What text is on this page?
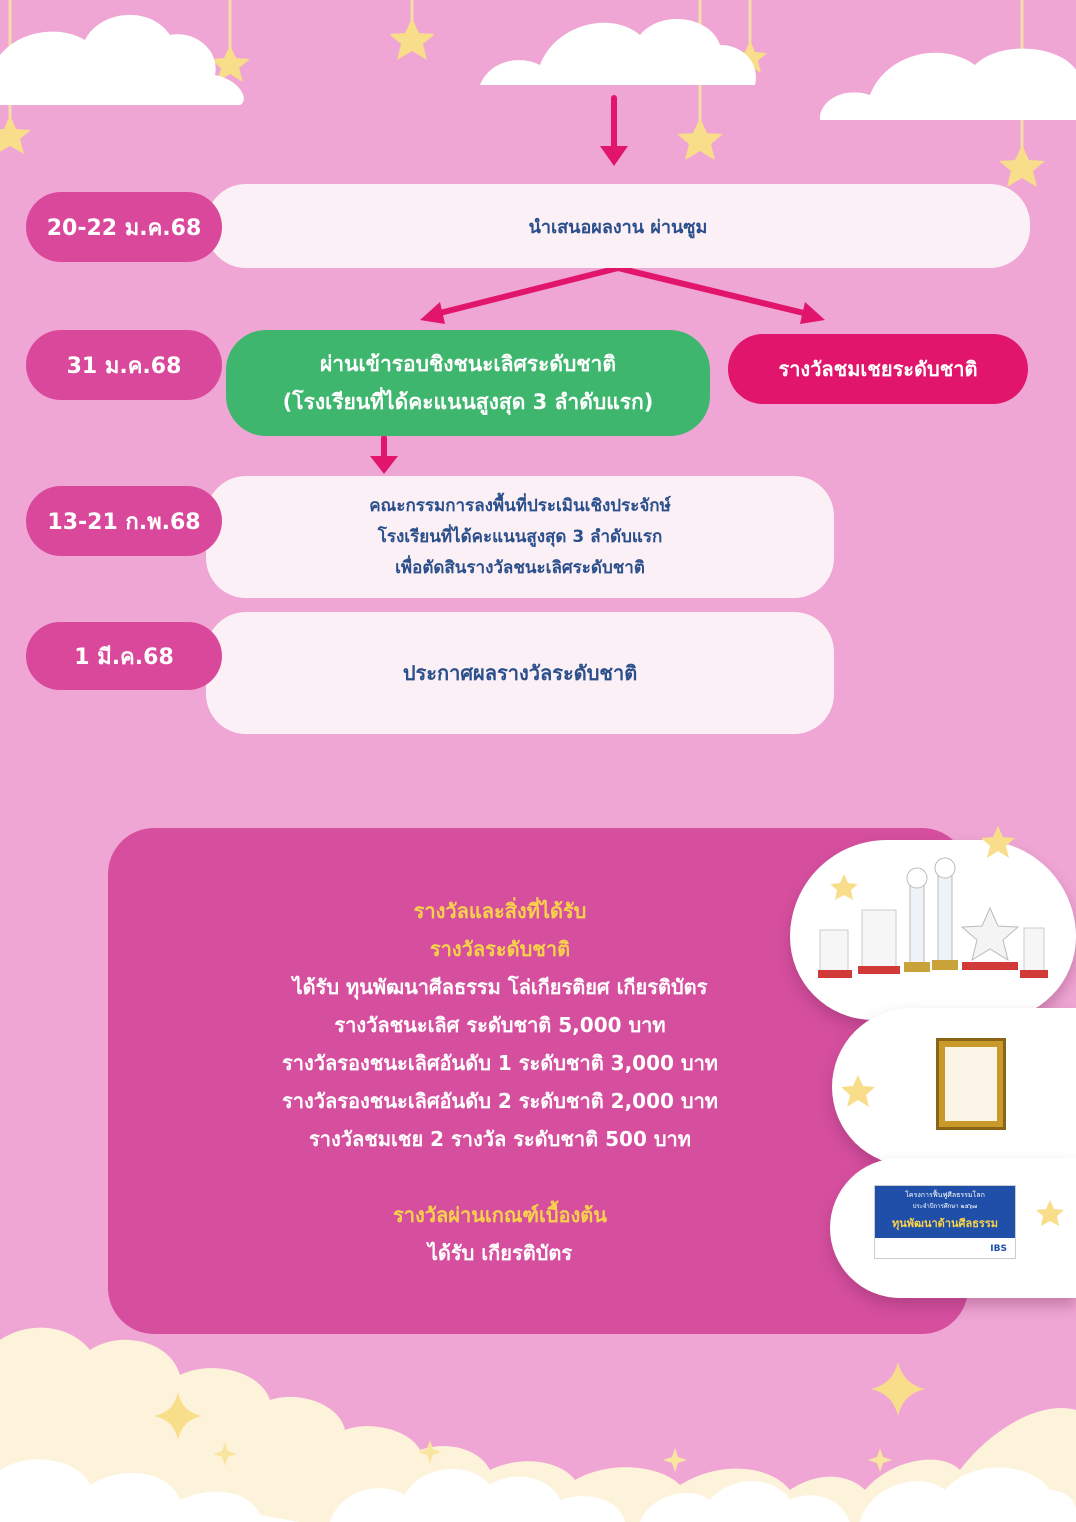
นำเสนอผลงาน ผ่านซูม
20-22 ม.ค.68
31 ม.ค.68	ผ่านเข้ารอบชิงชนะเลิศระดับชาติ
(โรงเรียนที่ได้คะแนนสูงสุด 3 ลำดับแรก)
รางวัลชมเชยระดับชาติ
คณะกรรมการลงพื้นที่ประเมินเชิงประจักษ์
โรงเรียนที่ได้คะแนนสูงสุด 3 ลำดับแรก
เพื่อตัดสินรางวัลชนะเลิศระดับชาติ
13-21 ก.พ.68
ประกาศผลรางวัลระดับชาติ
1 มี.ค.68
รางวัลและสิ่งที่ได้รับ
รางวัลระดับชาติ
ได้รับ ทุนพัฒนาศีลธรรม โล่เกียรติยศ เกียรติบัตร
รางวัลชนะเลิศ ระดับชาติ 5,000 บาท
รางวัลรองชนะเลิศอันดับ 1 ระดับชาติ 3,000 บาท
รางวัลรองชนะเลิศอันดับ 2 ระดับชาติ 2,000 บาท
รางวัลชมเชย 2 รางวัล ระดับชาติ 500 บาท
รางวัลผ่านเกณฑ์เบื้องต้น
ได้รับ เกียรติบัตร
โครงการฟื้นฟูศีลธรรมโลก
ประจำปีการศึกษา ๒๕๖๗
ทุนพัฒนาด้านศีลธรรม
IBS
